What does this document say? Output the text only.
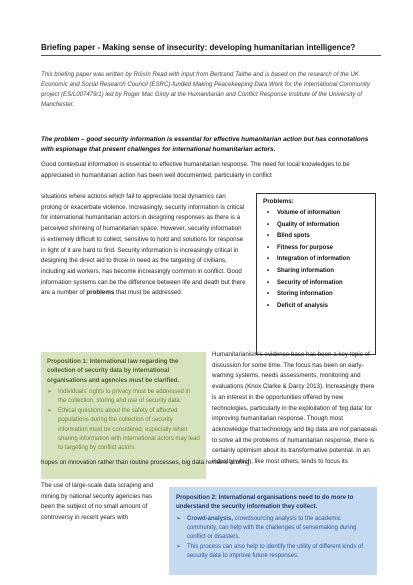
Briefing paper - Making sense of insecurity: developing humanitarian intelligence?
This briefing paper was written by Róisín Read with input from Bertrand Taithe and is based on the research of the UK Economic and Social Research Council (ESRC)-funded Making Peacekeeping Data Work for the International Community project (ES/L007479/1) led by Roger Mac Ginty at the Humanitarian and Conflict Response Institute of the University of Manchester.
The problem – good security information is essential for effective humanitarian action but has connotations with espionage that present challenges for international humanitarian actors.
Good contextual information is essential to effective humanitarian response. The need for local knowledges to be appreciated in humanitarian action has been well documented, particularly in conflict
situations where actions which fail to appreciate local dynamics can prolong or exacerbate violence. Increasingly, security information is critical for international humanitarian actors in designing responses as there is a perceived shrinking of humanitarian space. However, security information is extremely difficult to collect, sensitive to hold and solutions for response in light of it are hard to find. Security information is increasingly critical in designing the direct aid to those in need as the targeting of civilians, including aid workers, has become increasingly common in conflict. Good information systems can be the difference between life and death but there are a number of problems that must be addressed.
Problems:
• Volume of information
• Quality of information
• Blind spots
• Fitness for purpose
• Integration of information
• Sharing information
• Security of information
• Storing information
• Deficit of analysis
Proposition 1: International law regarding the collection of security data by international organisations and agencies must be clarified.
➢ Individuals' rights to privacy must be addressed in the collection, storing and use of security data.
➢ Ethical questions about the safety of affected populations during the collection of security information must be considered, especially when sharing information with international actors may lead to targeting by conflict actors.
Humanitarianism's evidence base has been a key topic of discussion for some time. The focus has been on early-warning systems, needs assessments, monitoring and evaluations (Knox Clarke & Darcy 2013). Increasingly there is an interest in the opportunities offered by new technologies, particularly in the exploitation of 'big data' for improving humanitarian response. Though most acknowledge that technology and big data are not panaceas to solve all the problems of humanitarian response, there is certainly optimism about its transformative potential. In an industry which, like most others, tends to focus its
hopes on innovation rather than routine processes, big data remains alluring.
The use of large-scale data scraping and mining by national security agencies has been the subject of no small amount of controversy in recent years with
Proposition 2: International organisations need to do more to understand the security information they collect.
➢ Crowd-analysis, crowdsourcing analysis to the academic community, can help with the challenges of sensemaking during conflict or disasters.
➢ This process can also help to identify the utility of different kinds of security data to improve future responses.
